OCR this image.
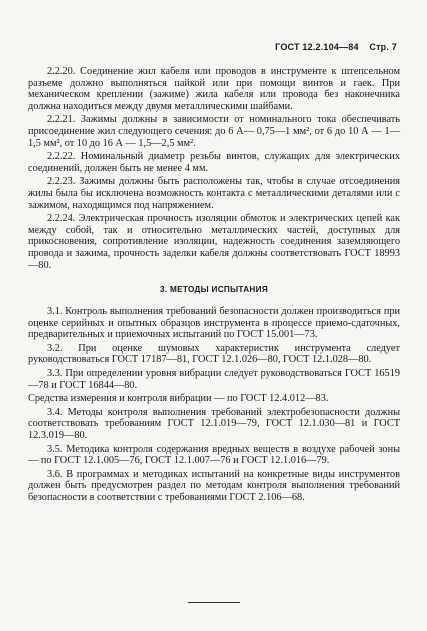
ГОСТ 12.2.104—84 Стр. 7

2.2.20. Соединение жил кабеля или проводов в инструменте к штепсельном разъеме должно выполняться пайкой или при помощи винтов и гаек. При механическом креплении (зажиме) жила кабеля или провода без наконечника должна находиться между двумя металлическими шайбами.

2.2.21. Зажимы должны в зависимости от номинального тока обеспечивать присоединение жил следующего сечения: до 6 А— 0,75—1 мм², от 6 до 10 А — 1—1,5 мм², от 10 до 16 А — 1,5—2,5 мм².

2.2.22. Номинальный диаметр резьбы винтов, служащих для электрических соединений, должен быть не менее 4 мм.

2.2.23. Зажимы должны быть расположены так, чтобы в случае отсоединения жилы была бы исключена возможность контакта с металлическими деталями или с зажимом, находящимся под напряжением.

2.2.24. Электрическая прочность изоляции обмоток и электрических цепей как между собой, так и относительно металлических частей, доступных для прикосновения, сопротивление изоляции, надежность соединения заземляющего провода и зажима, прочность заделки кабеля должны соответствовать ГОСТ 18993—80.

3. МЕТОДЫ ИСПЫТАНИЯ

3.1. Контроль выполнения требований безопасности должен производиться при оценке серийных и опытных образцов инструмента в процессе приемо-сдаточных, предварительных и приемочных испытаний по ГОСТ 15.001—73.

3.2. При оценке шумовых характеристик инструмента следует руководствоваться ГОСТ 17187—81, ГОСТ 12.1.026—80, ГОСТ 12.1.028—80.

3.3. При определении уровня вибрации следует руководствоваться ГОСТ 16519—78 и ГОСТ 16844—80.

Средства измерения и контроля вибрации — по ГОСТ 12.4.012—83.

3.4. Методы контроля выполнения требований электробезопасности должны соответствовать требованиям ГОСТ 12.1.019—79, ГОСТ 12.1.030—81 и ГОСТ 12.3.019—80.

3.5. Методика контроля содержания вредных веществ в воздухе рабочей зоны — по ГОСТ 12.1.005—76, ГОСТ 12.1.007—76 и ГОСТ 12.1.016—79.

3.6. В программах и методиках испытаний на конкретные виды инструментов должен быть предусмотрен раздел по методам контроля выполнения требований безопасности в соответствии с требованиями ГОСТ 2.106—68.
